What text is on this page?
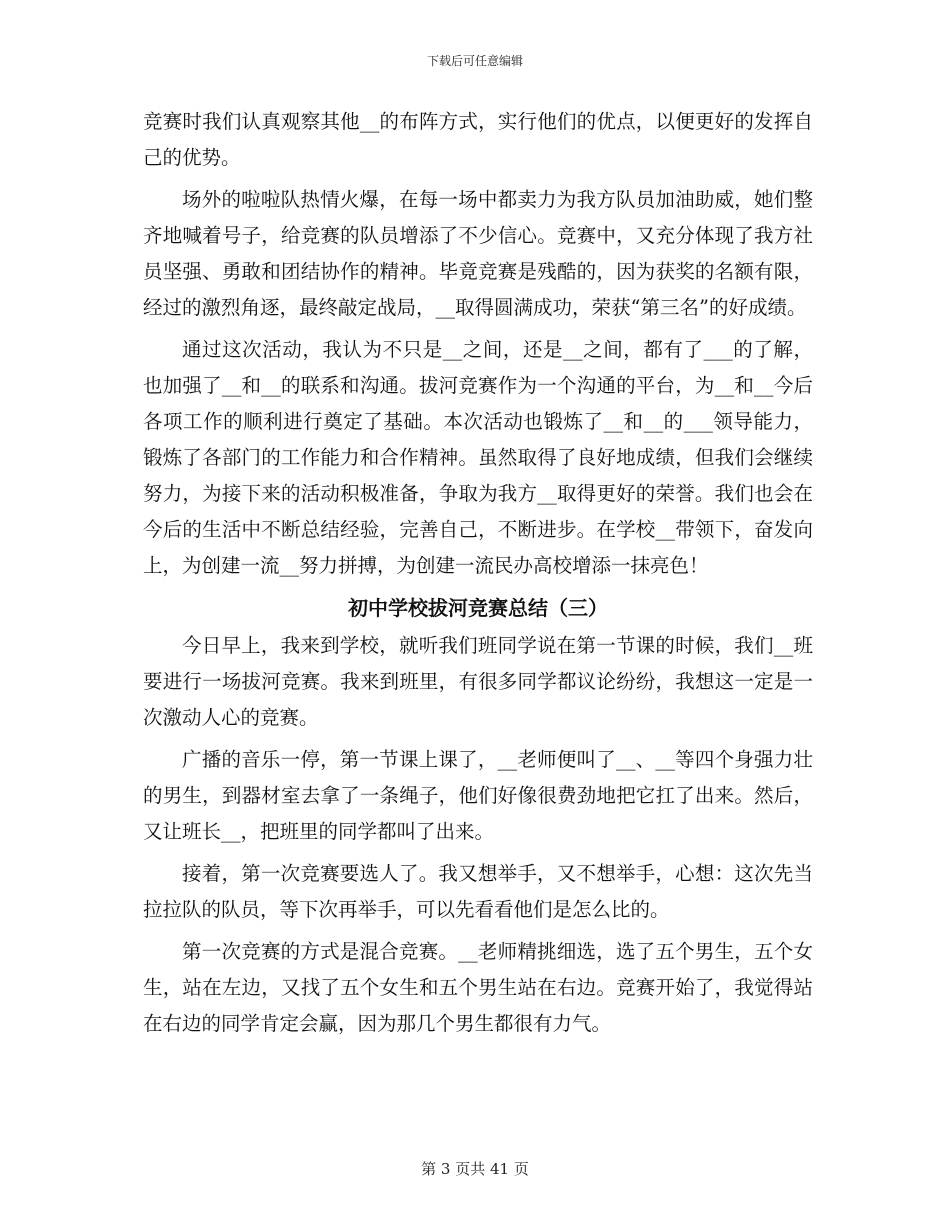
下载后可任意编辑

竞赛时我们认真观察其他__的布阵方式，实行他们的优点，以便更好的发挥自己的优势。

场外的啦啦队热情火爆，在每一场中都卖力为我方队员加油助威，她们整齐地喊着号子，给竞赛的队员增添了不少信心。竞赛中，又充分体现了我方社员坚强、勇敢和团结协作的精神。毕竟竞赛是残酷的，因为获奖的名额有限，经过的激烈角逐，最终敲定战局，__取得圆满成功，荣获“第三名”的好成绩。

通过这次活动，我认为不只是__之间，还是__之间，都有了___的了解，也加强了__和__的联系和沟通。拔河竞赛作为一个沟通的平台，为__和__今后各项工作的顺利进行奠定了基础。本次活动也锻炼了__和__的___领导能力，锻炼了各部门的工作能力和合作精神。虽然取得了良好地成绩，但我们会继续努力，为接下来的活动积极准备，争取为我方__取得更好的荣誉。我们也会在今后的生活中不断总结经验，完善自己，不断进步。在学校__带领下，奋发向上，为创建一流__努力拼搏，为创建一流民办高校增添一抹亮色！

初中学校拔河竞赛总结（三）

今日早上，我来到学校，就听我们班同学说在第一节课的时候，我们__班要进行一场拔河竞赛。我来到班里，有很多同学都议论纷纷，我想这一定是一次激动人心的竞赛。

广播的音乐一停，第一节课上课了，__老师便叫了__、__等四个身强力壮的男生，到器材室去拿了一条绳子，他们好像很费劲地把它扛了出来。然后，又让班长__，把班里的同学都叫了出来。

接着，第一次竞赛要选人了。我又想举手，又不想举手，心想：这次先当拉拉队的队员，等下次再举手，可以先看看他们是怎么比的。

第一次竞赛的方式是混合竞赛。__老师精挑细选，选了五个男生，五个女生，站在左边，又找了五个女生和五个男生站在右边。竞赛开始了，我觉得站在右边的同学肯定会赢，因为那几个男生都很有力气。

第 3 页共 41 页
